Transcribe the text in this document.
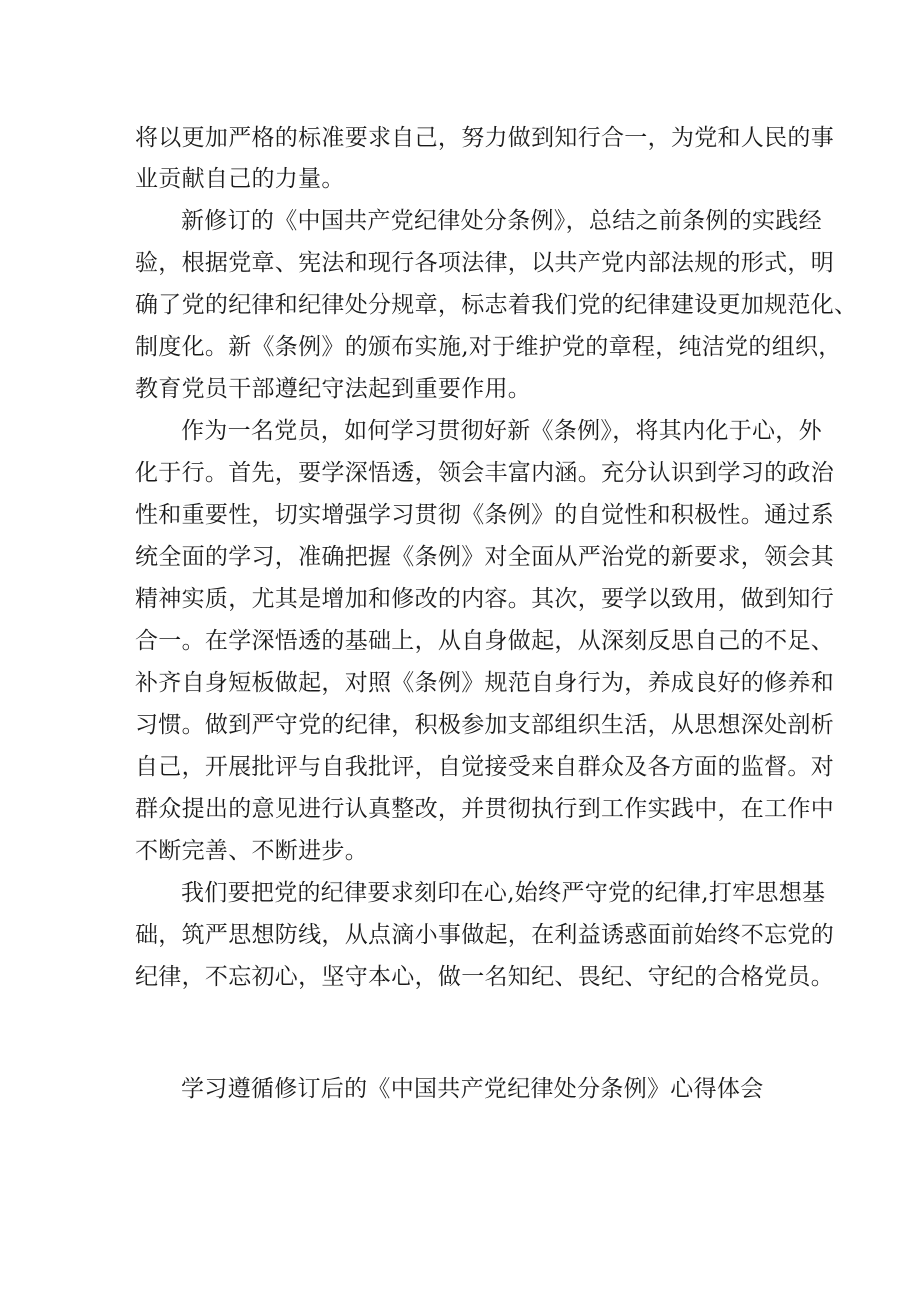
将以更加严格的标准要求自己，努力做到知行合一，为党和人民的事
业贡献自己的力量。
新修订的《中国共产党纪律处分条例》，总结之前条例的实践经
验，根据党章、宪法和现行各项法律，以共产党内部法规的形式，明
确了党的纪律和纪律处分规章，标志着我们党的纪律建设更加规范化、
制度化。新《条例》的颁布实施,对于维护党的章程，纯洁党的组织，
教育党员干部遵纪守法起到重要作用。
作为一名党员，如何学习贯彻好新《条例》，将其内化于心，外
化于行。首先，要学深悟透，领会丰富内涵。充分认识到学习的政治
性和重要性，切实增强学习贯彻《条例》的自觉性和积极性。通过系
统全面的学习，准确把握《条例》对全面从严治党的新要求，领会其
精神实质，尤其是增加和修改的内容。其次，要学以致用，做到知行
合一。在学深悟透的基础上，从自身做起，从深刻反思自己的不足、
补齐自身短板做起，对照《条例》规范自身行为，养成良好的修养和
习惯。做到严守党的纪律，积极参加支部组织生活，从思想深处剖析
自己，开展批评与自我批评，自觉接受来自群众及各方面的监督。对
群众提出的意见进行认真整改，并贯彻执行到工作实践中，在工作中
不断完善、不断进步。
我们要把党的纪律要求刻印在心,始终严守党的纪律,打牢思想基
础，筑严思想防线，从点滴小事做起，在利益诱惑面前始终不忘党的
纪律，不忘初心，坚守本心，做一名知纪、畏纪、守纪的合格党员。
学习遵循修订后的《中国共产党纪律处分条例》心得体会
